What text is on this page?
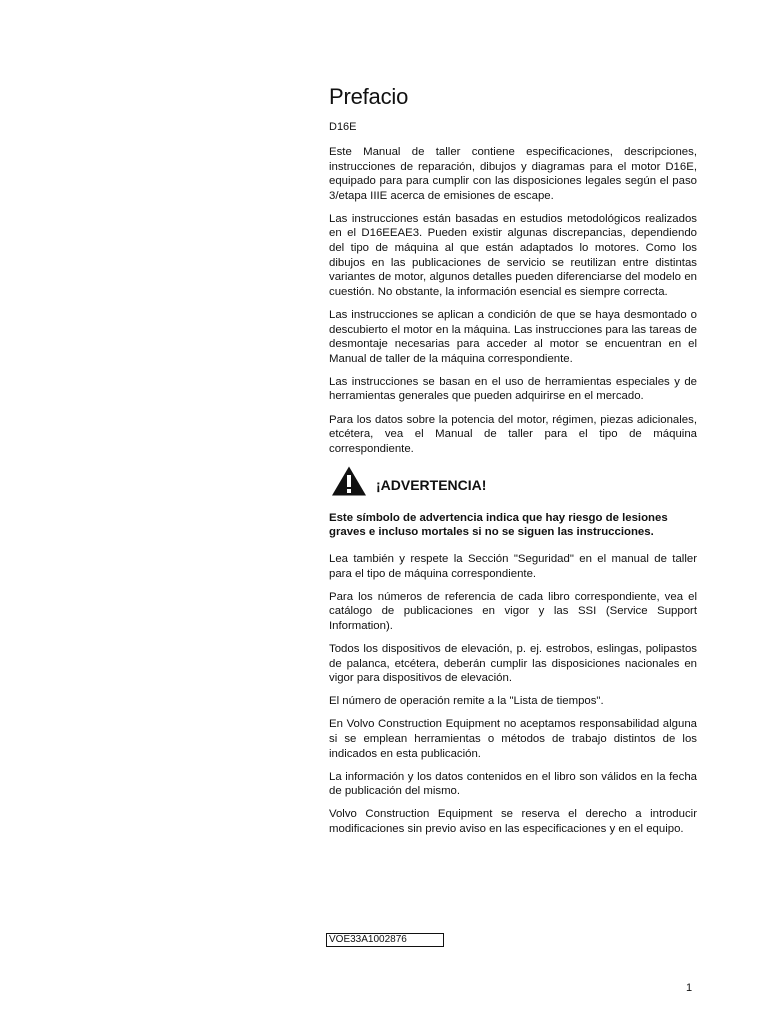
Prefacio
D16E

Este Manual de taller contiene especificaciones, descripciones, instrucciones de reparación, dibujos y diagramas para el motor D16E, equipado para para cumplir con las disposiciones legales según el paso 3/etapa IIIE acerca de emisiones de escape.

Las instrucciones están basadas en estudios metodológicos realizados en el D16EEAE3. Pueden existir algunas discrepancias, dependiendo del tipo de máquina al que están adaptados lo motores. Como los dibujos en las publicaciones de servicio se reutilizan entre distintas variantes de motor, algunos detalles pueden diferenciarse del modelo en cuestión. No obstante, la información esencial es siempre correcta.

Las instrucciones se aplican a condición de que se haya desmontado o descubierto el motor en la máquina. Las instrucciones para las tareas de desmontaje necesarias para acceder al motor se encuentran en el Manual de taller de la máquina correspondiente.

Las instrucciones se basan en el uso de herramientas especiales y de herramientas generales que pueden adquirirse en el mercado.

Para los datos sobre la potencia del motor, régimen, piezas adicionales, etcétera, vea el Manual de taller para el tipo de máquina correspondiente.

¡ADVERTENCIA!

Este símbolo de advertencia indica que hay riesgo de lesiones graves e incluso mortales si no se siguen las instrucciones.

Lea también y respete la Sección "Seguridad" en el manual de taller para el tipo de máquina correspondiente.

Para los números de referencia de cada libro correspondiente, vea el catálogo de publicaciones en vigor y las SSI (Service Support Information).

Todos los dispositivos de elevación, p. ej. estrobos, eslingas, polipastos de palanca, etcétera, deberán cumplir las disposiciones nacionales en vigor para dispositivos de elevación.

El número de operación remite a la "Lista de tiempos".

En Volvo Construction Equipment no aceptamos responsabilidad alguna si se emplean herramientas o métodos de trabajo distintos de los indicados en esta publicación.

La información y los datos contenidos en el libro son válidos en la fecha de publicación del mismo.

Volvo Construction Equipment se reserva el derecho a introducir modificaciones sin previo aviso en las especificaciones y en el equipo.

VOE33A1002876
1
